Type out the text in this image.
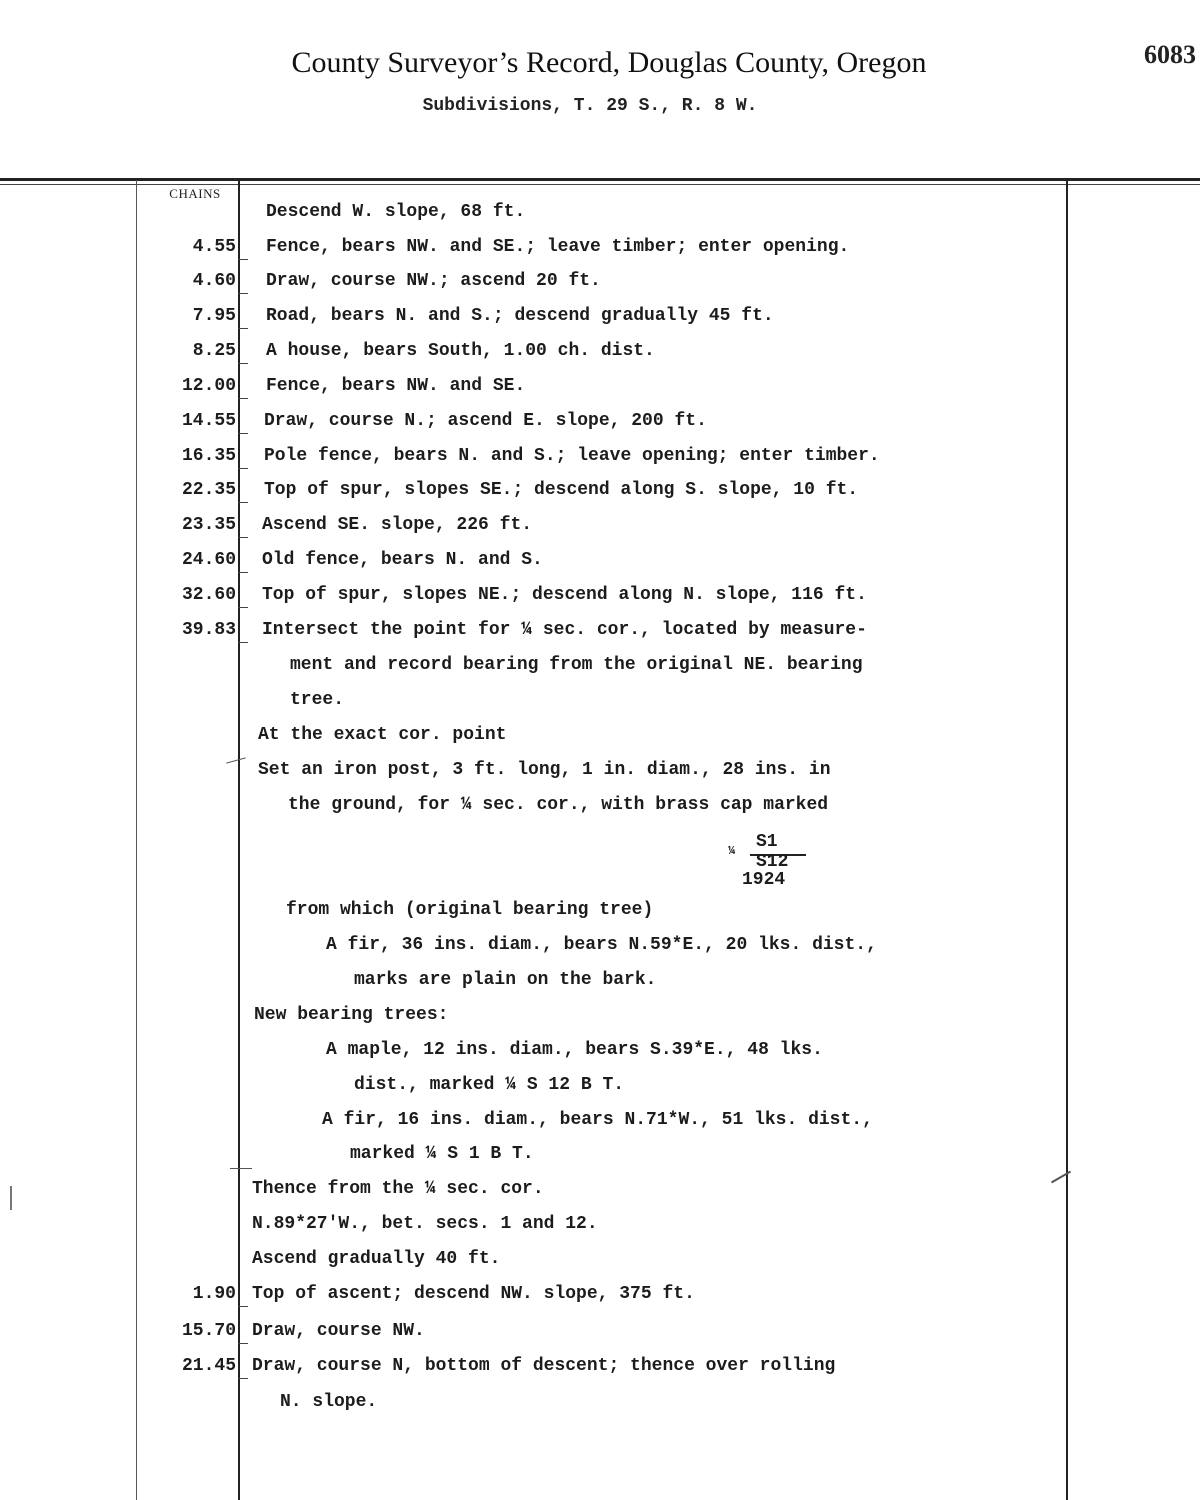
County Surveyor’s Record, Douglas County, Oregon
Subdivisions, T. 29 S., R. 8 W.
6083
CHAINS
Descend W. slope, 68 ft.
4.55 Fence, bears NW. and SE.; leave timber; enter opening.
4.60 Draw, course NW.; ascend 20 ft.
7.95 Road, bears N. and S.; descend gradually 45 ft.
8.25 A house, bears South, 1.00 ch. dist.
12.00 Fence, bears NW. and SE.
14.55 Draw, course N.; ascend E. slope, 200 ft.
16.35 Pole fence, bears N. and S.; leave opening; enter timber.
22.35 Top of spur, slopes SE.; descend along S. slope, 10 ft.
23.35 Ascend SE. slope, 226 ft.
24.60 Old fence, bears N. and S.
32.60 Top of spur, slopes NE.; descend along N. slope, 116 ft.
39.83 Intersect the point for ¼ sec. cor., located by measure-
ment and record bearing from the original NE. bearing
tree.
At the exact cor. point
Set an iron post, 3 ft. long, 1 in. diam., 28 ins. in
the ground, for ¼ sec. cor., with brass cap marked
from which (original bearing tree)
A fir, 36 ins. diam., bears N.59*E., 20 lks. dist.,
marks are plain on the bark.
New bearing trees:
A maple, 12 ins. diam., bears S.39*E., 48 lks.
dist., marked ¼ S 12 B T.
A fir, 16 ins. diam., bears N.71*W., 51 lks. dist.,
marked ¼ S 1 B T.
Thence from the ¼ sec. cor.
N.89*27'W., bet. secs. 1 and 12.
Ascend gradually 40 ft.
1.90 Top of ascent; descend NW. slope, 375 ft.
15.70 Draw, course NW.
21.45 Draw, course N, bottom of descent; thence over rolling
N. slope.
¼ S1
S12
1924
